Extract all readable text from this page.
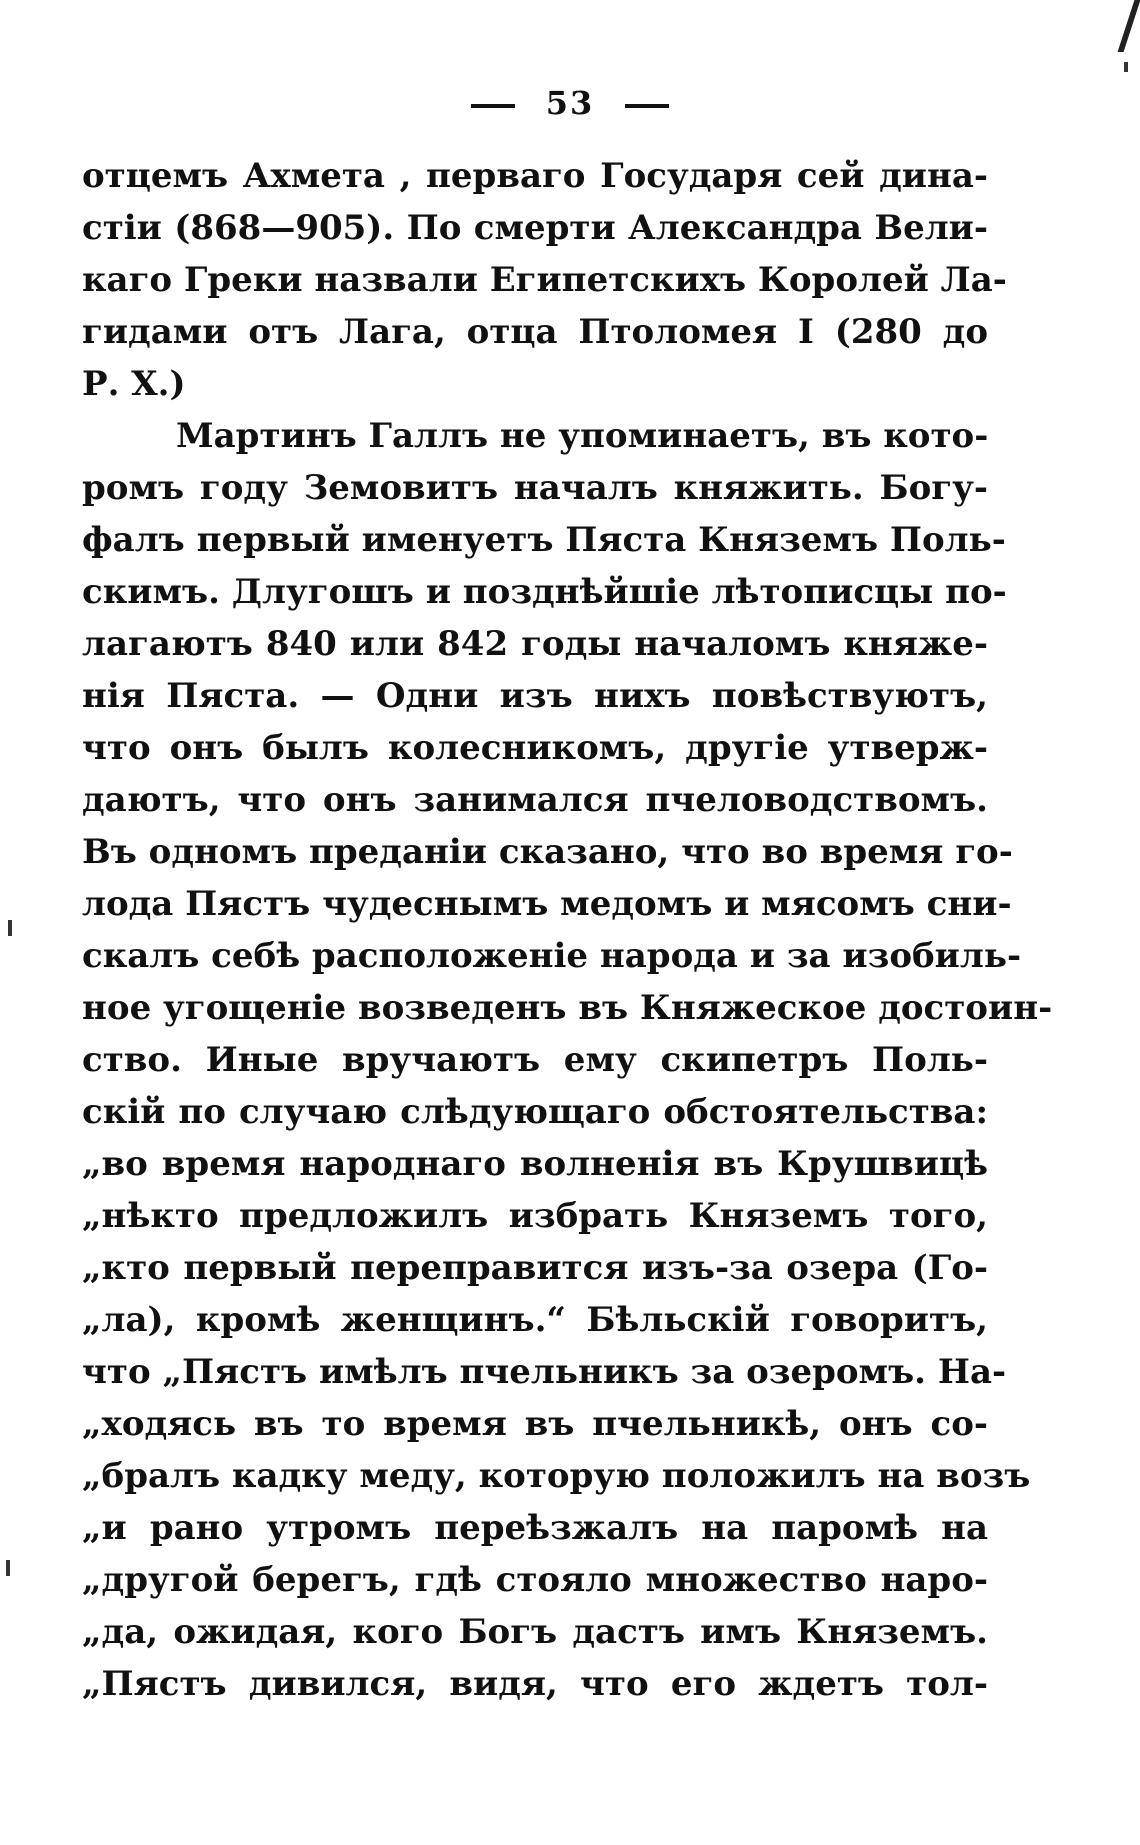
53
отцемъ Ахмета , перваго Государя сей дина-
стіи (868—905). По смерти Александра Вели-
каго Греки назвали Египетскихъ Королей Ла-
гидами отъ Лага, отца Птоломея I (280 до
Р. Х.)
Мартинъ Галлъ не упоминаетъ, въ кото-
ромъ году Земовитъ началъ княжить. Богу-
фалъ первый именуетъ Пяста Княземъ Поль-
скимъ. Длугошъ и позднѣйшіе лѣтописцы по-
лагаютъ 840 или 842 годы началомъ княже-
нія Пяста. — Одни изъ нихъ повѣствуютъ,
что онъ былъ колесникомъ, другіе утверж-
даютъ, что онъ занимался пчеловодствомъ.
Въ одномъ преданіи сказано, что во время го-
лода Пястъ чудеснымъ медомъ и мясомъ сни-
скалъ себѣ расположеніе народа и за изобиль-
ное угощеніе возведенъ въ Княжеское достоин-
ство. Иные вручаютъ ему скипетръ Поль-
скій по случаю слѣдующаго обстоятельства:
„во время народнаго волненія въ Крушвицѣ
„нѣкто предложилъ избрать Княземъ того,
„кто первый переправится изъ-за озера (Го-
„ла), кромѣ женщинъ.“ Бѣльскій говоритъ,
что „Пястъ имѣлъ пчельникъ за озеромъ. На-
„ходясь въ то время въ пчельникѣ, онъ со-
„бралъ кадку меду, которую положилъ на возъ
„и рано утромъ переѣзжалъ на паромѣ на
„другой берегъ, гдѣ стояло множество наро-
„да, ожидая, кого Богъ дастъ имъ Княземъ.
„Пястъ дивился, видя, что его ждетъ тол-
